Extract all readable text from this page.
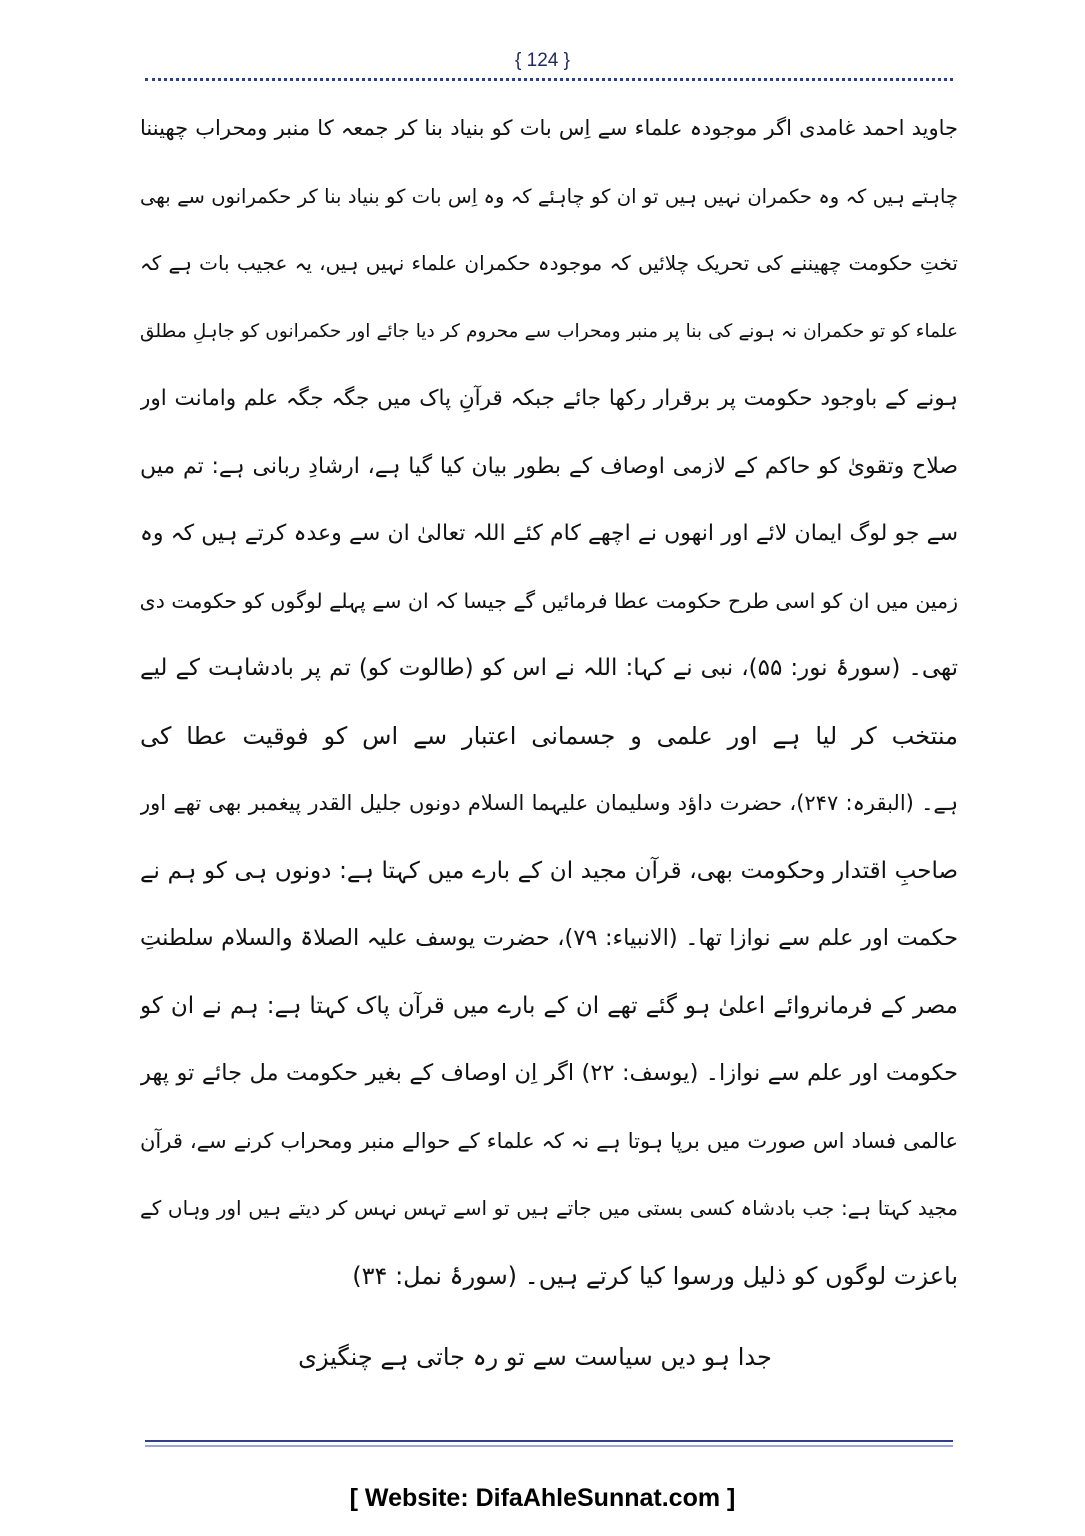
{ 124 }
جاوید احمد غامدی اگر موجودہ علماء سے اِس بات کو بنیاد بنا کر جمعہ کا منبر ومحراب چھیننا
چاہتے ہیں کہ وہ حکمران نہیں ہیں تو ان کو چاہئے کہ وہ اِس بات کو بنیاد بنا کر حکمرانوں سے بھی
تختِ حکومت چھیننے کی تحریک چلائیں کہ موجودہ حکمران علماء نہیں ہیں، یہ عجیب بات ہے کہ
علماء کو تو حکمران نہ ہونے کی بنا پر منبر ومحراب سے محروم کر دیا جائے اور حکمرانوں کو جاہلِ مطلق
ہونے کے باوجود حکومت پر برقرار رکھا جائے جبکہ قرآنِ پاک میں جگہ جگہ علم وامانت اور
صلاح وتقویٰ کو حاکم کے لازمی اوصاف کے بطور بیان کیا گیا ہے، ارشادِ ربانی ہے: تم میں
سے جو لوگ ایمان لائے اور انھوں نے اچھے کام کئے اللہ تعالیٰ ان سے وعدہ کرتے ہیں کہ وہ
زمین میں ان کو اسی طرح حکومت عطا فرمائیں گے جیسا کہ ان سے پہلے لوگوں کو حکومت دی
تھی۔ (سورۂ نور: ۵۵)، نبی نے کہا: اللہ نے اس کو (طالوت کو) تم پر بادشاہت کے لیے
منتخب کر لیا ہے اور علمی و جسمانی اعتبار سے اس کو فوقیت عطا کی
ہے۔ (البقرہ: ۲۴۷)، حضرت داؤد وسلیمان علیہما السلام دونوں جلیل القدر پیغمبر بھی تھے اور
صاحبِ اقتدار وحکومت بھی، قرآن مجید ان کے بارے میں کہتا ہے: دونوں ہی کو ہم نے
حکمت اور علم سے نوازا تھا۔ (الانبیاء: ۷۹)، حضرت یوسف علیہ الصلاۃ والسلام سلطنتِ
مصر کے فرمانروائے اعلیٰ ہو گئے تھے ان کے بارے میں قرآن پاک کہتا ہے: ہم نے ان کو
حکومت اور علم سے نوازا۔ (یوسف: ۲۲) اگر اِن اوصاف کے بغیر حکومت مل جائے تو پھر
عالمی فساد اس صورت میں برپا ہوتا ہے نہ کہ علماء کے حوالے منبر ومحراب کرنے سے، قرآن
مجید کہتا ہے: جب بادشاہ کسی بستی میں جاتے ہیں تو اسے تہس نہس کر دیتے ہیں اور وہاں کے
باعزت لوگوں کو ذلیل ورسوا کیا کرتے ہیں۔ (سورۂ نمل: ۳۴)
جدا ہو دیں سیاست سے تو رہ جاتی ہے چنگیزی
[ Website: DifaAhleSunnat.com ]
